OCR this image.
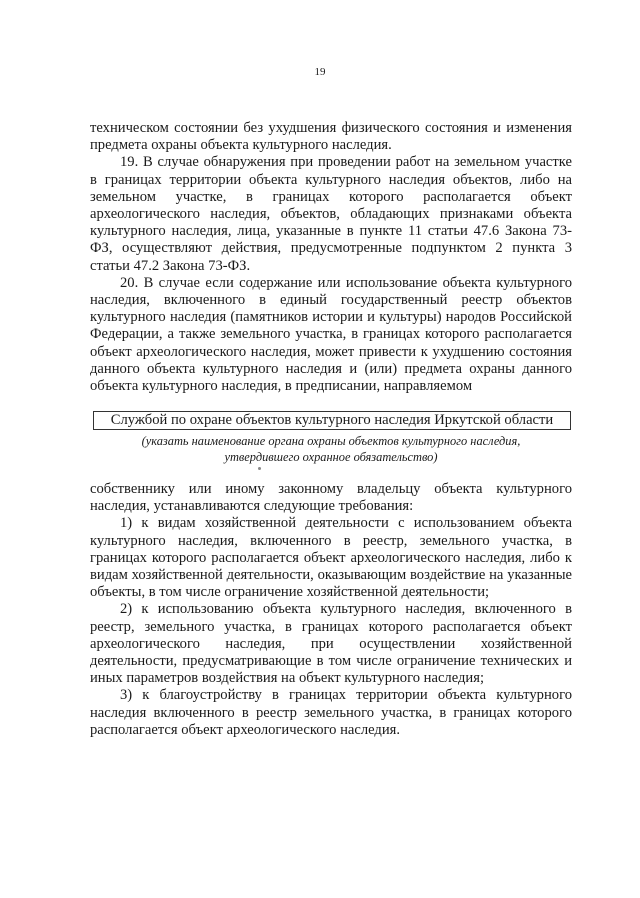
19

техническом состоянии без ухудшения физического состояния и изменения предмета охраны объекта культурного наследия.

19. В случае обнаружения при проведении работ на земельном участке в границах территории объекта культурного наследия объектов, либо на земельном участке, в границах которого располагается объект археологического наследия, объектов, обладающих признаками объекта культурного наследия, лица, указанные в пункте 11 статьи 47.6 Закона 73-ФЗ, осуществляют действия, предусмотренные подпунктом 2 пункта 3 статьи 47.2 Закона 73-ФЗ.

20. В случае если содержание или использование объекта культурного наследия, включенного в единый государственный реестр объектов культурного наследия (памятников истории и культуры) народов Российской Федерации, а также земельного участка, в границах которого располагается объект археологического наследия, может привести к ухудшению состояния данного объекта культурного наследия и (или) предмета охраны данного объекта культурного наследия, в предписании, направляемом

Службой по охране объектов культурного наследия Иркутской области
(указать наименование органа охраны объектов культурного наследия,
утвердившего охранное обязательство)

собственнику или иному законному владельцу объекта культурного наследия, устанавливаются следующие требования:

1) к видам хозяйственной деятельности с использованием объекта культурного наследия, включенного в реестр, земельного участка, в границах которого располагается объект археологического наследия, либо к видам хозяйственной деятельности, оказывающим воздействие на указанные объекты, в том числе ограничение хозяйственной деятельности;

2) к использованию объекта культурного наследия, включенного в реестр, земельного участка, в границах которого располагается объект археологического наследия, при осуществлении хозяйственной деятельности, предусматривающие в том числе ограничение технических и иных параметров воздействия на объект культурного наследия;

3) к благоустройству в границах территории объекта культурного наследия включенного в реестр земельного участка, в границах которого располагается объект археологического наследия.
